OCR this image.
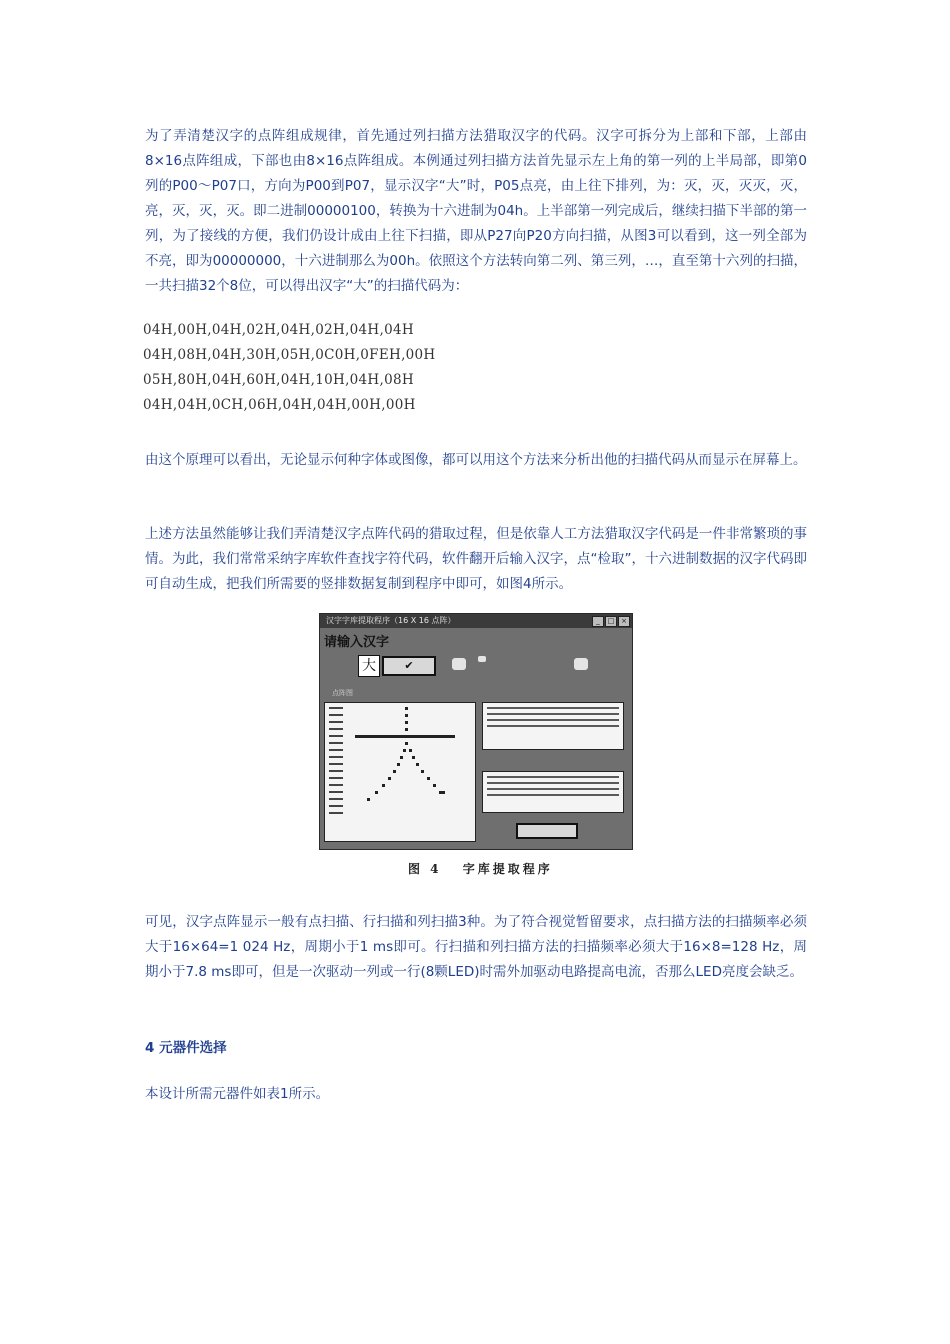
为了弄清楚汉字的点阵组成规律，首先通过列扫描方法猎取汉字的代码。汉字可拆分为上部和下部，上部由8×16点阵组成，下部也由8×16点阵组成。本例通过列扫描方法首先显示左上角的第一列的上半局部，即第0列的P00～P07口，方向为P00到P07，显示汉字“大”时，P05点亮，由上往下排列，为：灭，灭，灭灭，灭，亮，灭，灭，灭。即二进制00000100，转换为十六进制为04h。上半部第一列完成后，继续扫描下半部的第一列，为了接线的方便，我们仍设计成由上往下扫描，即从P27向P20方向扫描，从图3可以看到，这一列全部为不亮，即为00000000，十六进制那么为00h。依照这个方法转向第二列、第三列，…，直至第十六列的扫描，一共扫描32个8位，可以得出汉字“大”的扫描代码为：

04H,00H,04H,02H,04H,02H,04H,04H
04H,08H,04H,30H,05H,0C0H,0FEH,00H
05H,80H,04H,60H,04H,10H,04H,08H
04H,04H,0CH,06H,04H,04H,00H,00H

由这个原理可以看出，无论显示何种字体或图像，都可以用这个方法来分析出他的扫描代码从而显示在屏幕上。

上述方法虽然能够让我们弄清楚汉字点阵代码的猎取过程，但是依靠人工方法猎取汉字代码是一件非常繁琐的事情。为此，我们常常采纳字库软件查找字符代码，软件翻开后输入汉字，点“检取”，十六进制数据的汉字代码即可自动生成，把我们所需要的竖排数据复制到程序中即可，如图4所示。

汉字字库提取程序（16 X 16 点阵）	_	□ ×
请输入汉字
大	✔
点阵图
图 4 字库提取程序

可见，汉字点阵显示一般有点扫描、行扫描和列扫描3种。为了符合视觉暂留要求，点扫描方法的扫描频率必须大于16×64=1 024 Hz，周期小于1 ms即可。行扫描和列扫描方法的扫描频率必须大于16×8=128 Hz，周期小于7.8 ms即可，但是一次驱动一列或一行(8颗LED)时需外加驱动电路提高电流，否那么LED亮度会缺乏。

4 元器件选择

本设计所需元器件如表1所示。
